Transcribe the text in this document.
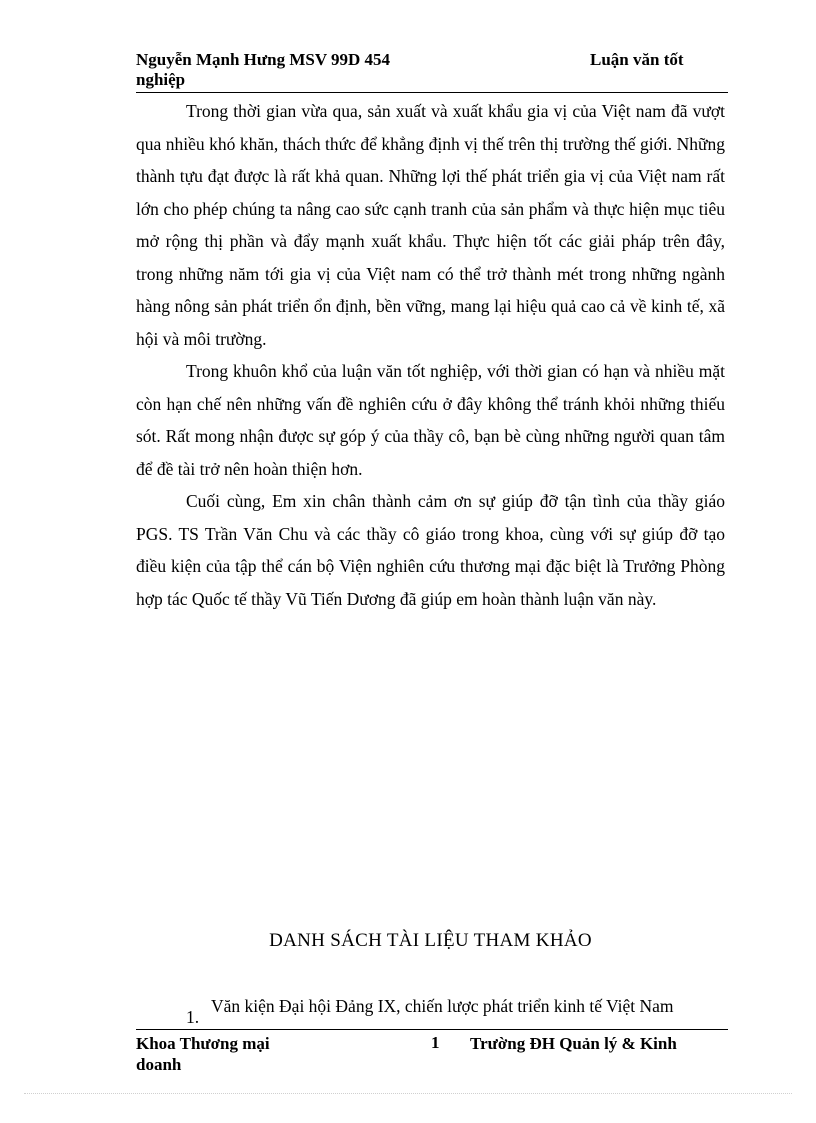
Nguyễn Mạnh Hưng MSV 99D 454	Luận văn tốt
nghiệp

Trong thời gian vừa qua, sản xuất và xuất khẩu gia vị của Việt nam đã vượt qua nhiều khó khăn, thách thức để khẳng định vị thế trên thị trường thế giới. Những thành tựu đạt được là rất khả quan. Những lợi thế phát triển gia vị của Việt nam rất lớn cho phép chúng ta nâng cao sức cạnh tranh của sản phẩm và thực hiện mục tiêu mở rộng thị phần và đẩy mạnh xuất khẩu. Thực hiện tốt các giải pháp trên đây, trong những năm tới gia vị của Việt nam có thể trở thành mét trong những ngành hàng nông sản phát triển ổn định, bền vững, mang lại hiệu quả cao cả về kinh tế, xã hội và môi trường.

Trong khuôn khổ của luận văn tốt nghiệp, với thời gian có hạn và nhiều mặt còn hạn chế nên những vấn đề nghiên cứu ở đây không thể tránh khỏi những thiếu sót. Rất mong nhận được sự góp ý của thầy cô, bạn bè cùng những người quan tâm để đề tài trở nên hoàn thiện hơn.

Cuối cùng, Em xin chân thành cảm ơn sự giúp đỡ tận tình của thầy giáo PGS. TS Trần Văn Chu và các thầy cô giáo trong khoa, cùng với sự giúp đỡ tạo điều kiện của tập thể cán bộ Viện nghiên cứu thương mại đặc biệt là Trưởng Phòng hợp tác Quốc tế thầy Vũ Tiến Dương đã giúp em hoàn thành luận văn này.

DANH SÁCH TÀI LIỆU THAM KHẢO
1.
Văn kiện Đại hội Đảng IX, chiến lược phát triển kinh tế Việt Nam
Khoa Thương mại
doanh
1 Trường ĐH Quản lý & Kinh
